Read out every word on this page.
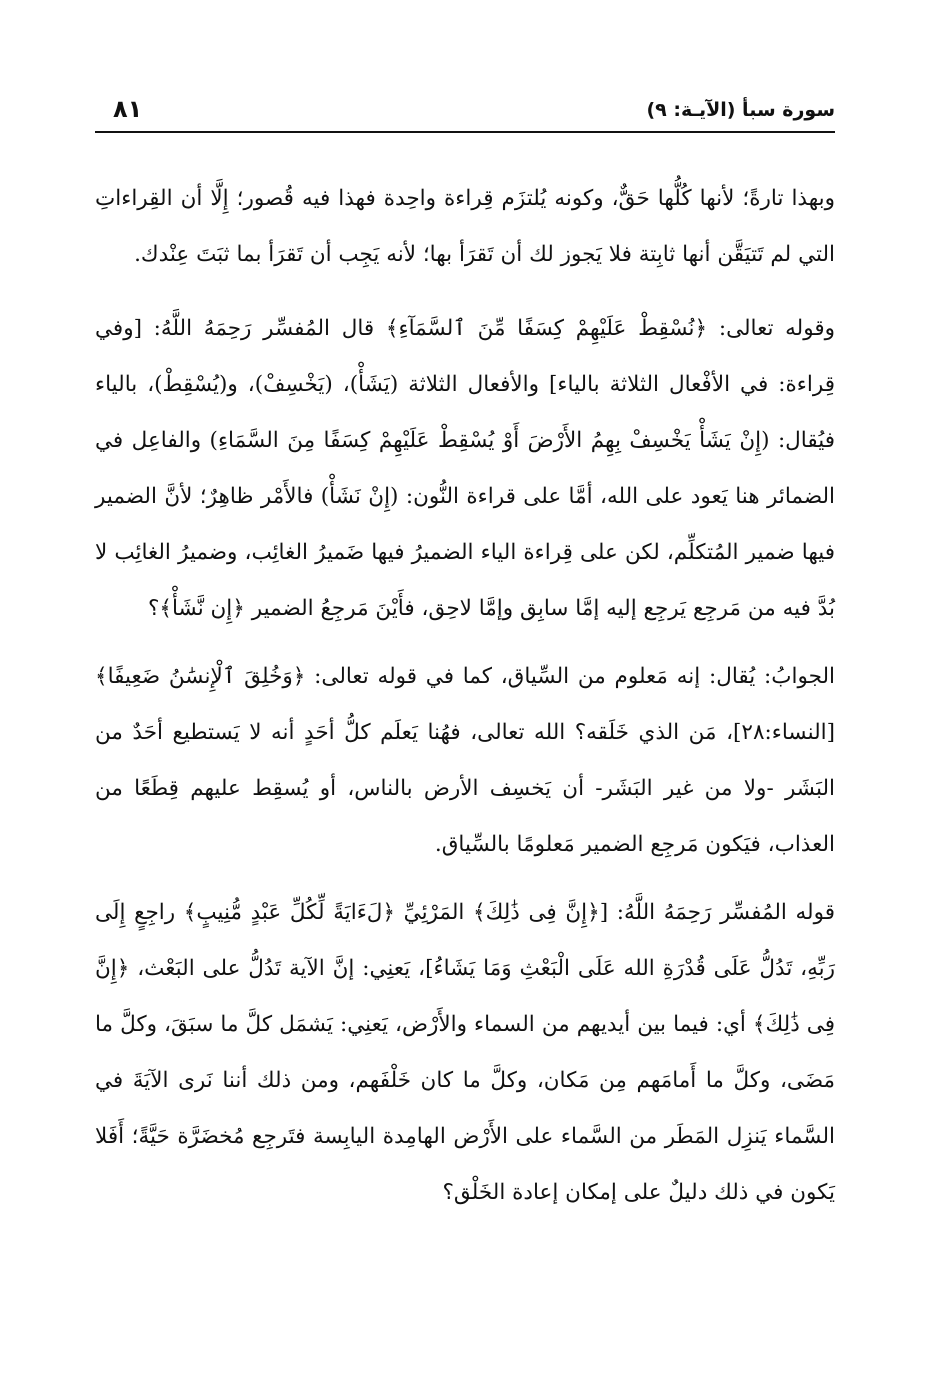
سورة سبأ (الآيـة: ٩)
٨١

وبهذا تارةً؛ لأنها كُلُّها حَقٌّ، وكونه يُلتزَم قِراءة واحِدة فهذا فيه قُصور؛ إِلَّا أن القِراءاتِ التي لم تَتيَقَّن أنها ثابِتة فلا يَجوز لك أن تَقرَأ بها؛ لأنه يَجِب أن تَقرَأ بما ثبَتَ عِنْدك.

وقوله تعالى: ﴿نُسْقِطْ عَلَيْهِمْ كِسَفًا مِّنَ ٱلسَّمَآءِ﴾ قال المُفسِّر رَحِمَهُ اللَّهُ: [وفي قِراءة: في الأفْعال الثلاثة بالياء] والأفعال الثلاثة (يَشَأْ)، (يَخْسِفْ)، و(يُسْقِطْ)، بالياء فيُقال: (إِنْ يَشَأْ يَخْسِفْ بِهِمُ الأَرْضَ أَوْ يُسْقِطْ عَلَيْهِمْ كِسَفًا مِنَ السَّمَاءِ) والفاعِل في الضمائر هنا يَعود على الله، أمَّا على قراءة النُّون: (إِنْ نَشَأْ) فالأَمْر ظاهِرٌ؛ لأنَّ الضمير فيها ضمير المُتكلِّم، لكن على قِراءة الياء الضميرُ فيها ضَميرُ الغائِب، وضميرُ الغائِب لا بُدَّ فيه من مَرجِع يَرجِع إليه إمَّا سابِق وإمَّا لاحِق، فأَيْنَ مَرجِعُ الضمير ﴿إِن نَّشَأْ﴾؟

الجوابُ: يُقال: إنه مَعلوم من السِّياق، كما في قوله تعالى: ﴿وَخُلِقَ ٱلْإِنسَٰنُ ضَعِيفًا﴾ [النساء:٢٨]، مَن الذي خَلَقه؟ الله تعالى، فهُنا يَعلَم كلُّ أحَدٍ أنه لا يَستطيع أحَدٌ من البَشَر -ولا من غير البَشَر- أن يَخسِف الأرض بالناس، أو يُسقِط عليهم قِطَعًا من العذاب، فيَكون مَرجِع الضمير مَعلومًا بالسِّياق.

قوله المُفسِّر رَحِمَهُ اللَّهُ: [﴿إِنَّ فِى ذَٰلِكَ﴾ المَرْئِيِّ ﴿لَءَايَةً لِّكُلِّ عَبْدٍ مُّنِيبٍ﴾ راجِعٍ إِلَى رَبِّهِ، تَدُلُّ عَلَى قُدْرَةِ الله عَلَى الْبَعْثِ وَمَا يَشَاءُ]، يَعنِي: إنَّ الآية تَدُلُّ على البَعْث، ﴿إِنَّ فِى ذَٰلِكَ﴾ أي: فيما بين أيديهم من السماء والأَرْض، يَعنِي: يَشمَل كلَّ ما سبَقَ، وكلَّ ما مَضَى، وكلَّ ما أَمامَهم مِن مَكان، وكلَّ ما كان خَلْفَهم، ومن ذلك أننا نَرى الآيَةَ في السَّماء يَنزِل المَطَر من السَّماء على الأَرْض الهامِدة اليابِسة فتَرجِع مُخضَرَّة حَيَّةً؛ أَفَلا يَكون في ذلك دليلٌ على إمكان إعادة الخَلْق؟
